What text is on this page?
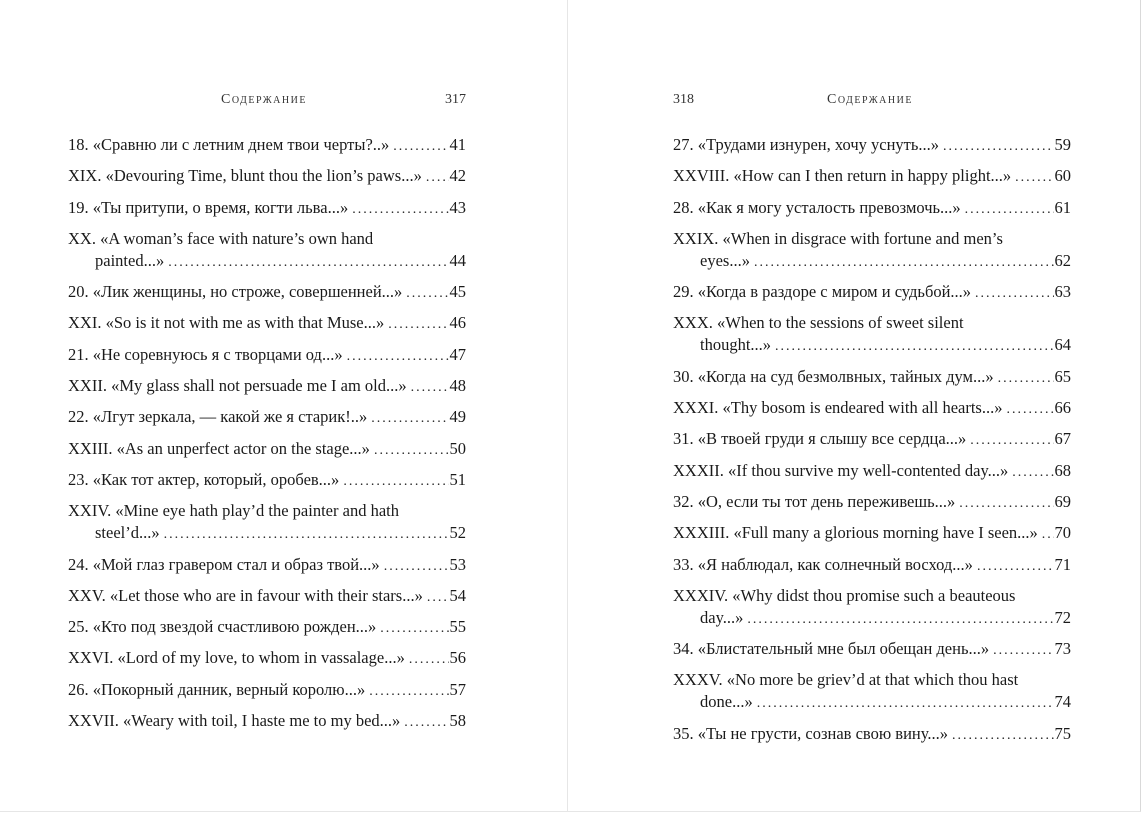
Содержание	317
18. «Сравню ли с летним днем твои черты?..» .....	41
XIX. «Devouring Time, blunt thou the lion’s paws...» ..... 42
19. «Ты притупи, о время, когти льва...» .....	43
XX. «A woman’s face with nature’s own hand
painted...» .....	44
20. «Лик женщины, но строже, совершенней...» .....	45
XXI. «So is it not with me as with that Muse...» .....	46
21. «Не соревнуюсь я с творцами од...» .....	47
XXII. «My glass shall not persuade me I am old...» .....	48
22. «Лгут зеркала, — какой же я старик!..» .....	49
XXIII. «As an unperfect actor on the stage...» .....	50
23. «Как тот актер, который, оробев...» .....	51
XXIV. «Mine eye hath play’d the painter and hath
steel’d...» .....	52
24. «Мой глаз гравером стал и образ твой...» .....	53
XXV. «Let those who are in favour with their stars...» ..... 54
25. «Кто под звездой счастливою рожден...» .....	55
XXVI. «Lord of my love, to whom in vassalage...» .....	56
26. «Покорный данник, верный королю...» .....	57
XXVII. «Weary with toil, I haste me to my bed...» .....	58
318	Содержание
27. «Трудами изнурен, хочу уснуть...» .....	59
XXVIII. «How can I then return in happy plight...» .....	60
28. «Как я могу усталость превозмочь...» .....	61
XXIX. «When in disgrace with fortune and men’s
eyes...» .....	62
29. «Когда в раздоре с миром и судьбой...» .....	63
XXX. «When to the sessions of sweet silent
thought...» .....	64
30. «Когда на суд безмолвных, тайных дум...» .....	65
XXXI. «Thy bosom is endeared with all hearts...» .....	66
31. «В твоей груди я слышу все сердца...» .....	67
XXXII. «If thou survive my well-contented day...» .....	68
32. «О, если ты тот день переживешь...» .....	69
XXXIII. «Full many a glorious morning have I seen...» ..... 70
33. «Я наблюдал, как солнечный восход...» .....	71
XXXIV. «Why didst thou promise such a beauteous
day...» .....	72
34. «Блистательный мне был обещан день...» .....	73
XXXV. «No more be griev’d at that which thou hast
done...» .....	74
35. «Ты не грусти, сознав свою вину...» .....	75
